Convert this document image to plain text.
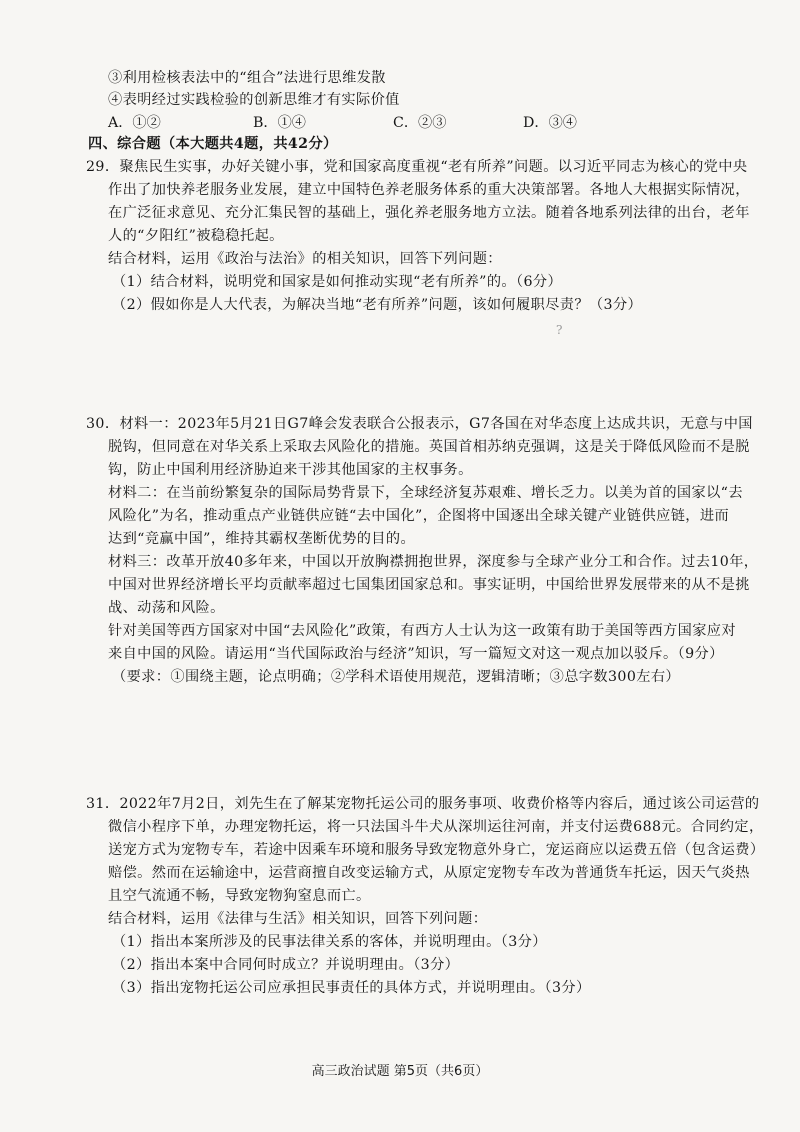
③利用检核表法中的“组合”法进行思维发散
④表明经过实践检验的创新思维才有实际价值
A．①②	B．①④	C．②③	D．③④
四、综合题（本大题共4题，共42分）
29．聚焦民生实事，办好关键小事，党和国家高度重视“老有所养”问题。以习近平同志为核心的党中央
作出了加快养老服务业发展，建立中国特色养老服务体系的重大决策部署。各地人大根据实际情况，
在广泛征求意见、充分汇集民智的基础上，强化养老服务地方立法。随着各地系列法律的出台，老年
人的“夕阳红”被稳稳托起。
结合材料，运用《政治与法治》的相关知识，回答下列问题：
（1）结合材料，说明党和国家是如何推动实现“老有所养”的。（6分）
（2）假如你是人大代表，为解决当地“老有所养”问题，该如何履职尽责？（3分）
?
30．材料一：2023年5月21日G7峰会发表联合公报表示，G7各国在对华态度上达成共识，无意与中国
脱钩，但同意在对华关系上采取去风险化的措施。英国首相苏纳克强调，这是关于降低风险而不是脱
钩，防止中国利用经济胁迫来干涉其他国家的主权事务。
材料二：在当前纷繁复杂的国际局势背景下，全球经济复苏艰难、增长乏力。以美为首的国家以“去
风险化”为名，推动重点产业链供应链“去中国化”，企图将中国逐出全球关键产业链供应链，进而
达到“竞赢中国”，维持其霸权垄断优势的目的。
材料三：改革开放40多年来，中国以开放胸襟拥抱世界，深度参与全球产业分工和合作。过去10年，
中国对世界经济增长平均贡献率超过七国集团国家总和。事实证明，中国给世界发展带来的从不是挑
战、动荡和风险。
针对美国等西方国家对中国“去风险化”政策，有西方人士认为这一政策有助于美国等西方国家应对
来自中国的风险。请运用“当代国际政治与经济”知识，写一篇短文对这一观点加以驳斥。（9分）
（要求：①围绕主题，论点明确；②学科术语使用规范，逻辑清晰；③总字数300左右）
31．2022年7月2日，刘先生在了解某宠物托运公司的服务事项、收费价格等内容后，通过该公司运营的
微信小程序下单，办理宠物托运，将一只法国斗牛犬从深圳运往河南，并支付运费688元。合同约定，
送宠方式为宠物专车，若途中因乘车环境和服务导致宠物意外身亡，宠运商应以运费五倍（包含运费）
赔偿。然而在运输途中，运营商擅自改变运输方式，从原定宠物专车改为普通货车托运，因天气炎热
且空气流通不畅，导致宠物狗窒息而亡。
结合材料，运用《法律与生活》相关知识，回答下列问题：
（1）指出本案所涉及的民事法律关系的客体，并说明理由。（3分）
（2）指出本案中合同何时成立？并说明理由。（3分）
（3）指出宠物托运公司应承担民事责任的具体方式，并说明理由。（3分）
高三政治试题 第5页（共6页）
